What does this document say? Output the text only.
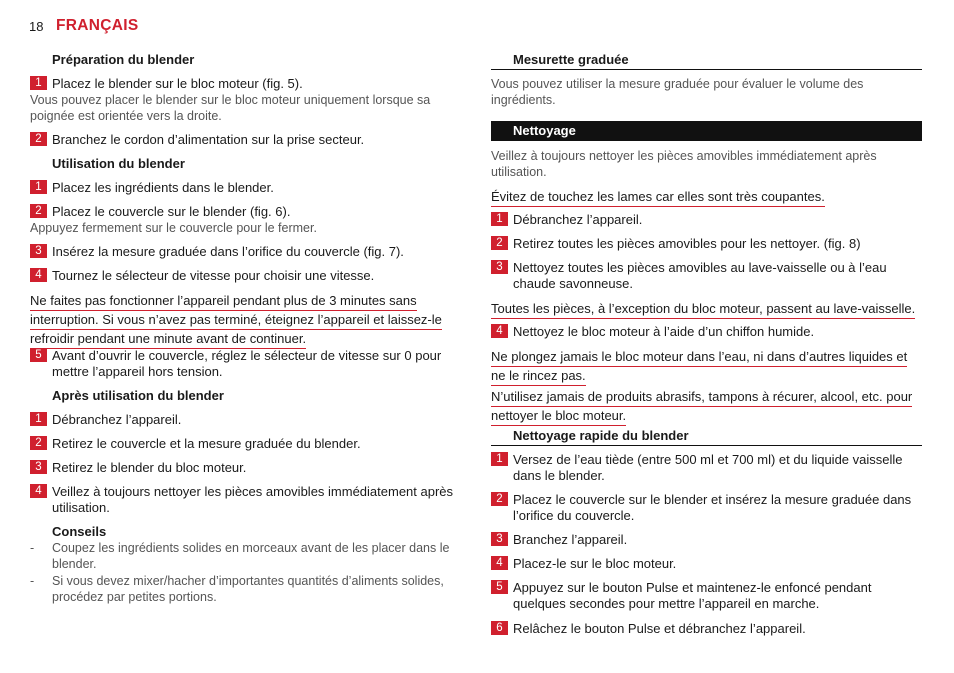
18 FRANÇAIS
Préparation du blender
1 Placez le blender sur le bloc moteur (fig. 5).
Vous pouvez placer le blender sur le bloc moteur uniquement lorsque sa poignée est orientée vers la droite.
2 Branchez le cordon d’alimentation sur la prise secteur.
Utilisation du blender
1 Placez les ingrédients dans le blender.
2 Placez le couvercle sur le blender (fig. 6).
Appuyez fermement sur le couvercle pour le fermer.
3 Insérez la mesure graduée dans l’orifice du couvercle (fig. 7).
4 Tournez le sélecteur de vitesse pour choisir une vitesse.
Ne faites pas fonctionner l’appareil pendant plus de 3 minutes sans
interruption. Si vous n’avez pas terminé, éteignez l’appareil et laissez-le
refroidir pendant une minute avant de continuer.
5 Avant d’ouvrir le couvercle, réglez le sélecteur de vitesse sur 0 pour mettre l’appareil hors tension.
Après utilisation du blender
1 Débranchez l’appareil.
2 Retirez le couvercle et la mesure graduée du blender.
3 Retirez le blender du bloc moteur.
4 Veillez à toujours nettoyer les pièces amovibles immédiatement après utilisation.
Conseils
- Coupez les ingrédients solides en morceaux avant de les placer dans le blender.
- Si vous devez mixer/hacher d’importantes quantités d’aliments solides, procédez par petites portions.
Mesurette graduée
Vous pouvez utiliser la mesure graduée pour évaluer le volume des ingrédients.
Nettoyage
Veillez à toujours nettoyer les pièces amovibles immédiatement après utilisation.
Évitez de touchez les lames car elles sont très coupantes.
1 Débranchez l’appareil.
2 Retirez toutes les pièces amovibles pour les nettoyer. (fig. 8)
3 Nettoyez toutes les pièces amovibles au lave-vaisselle ou à l’eau chaude savonneuse.
Toutes les pièces, à l’exception du bloc moteur, passent au lave-vaisselle.
4 Nettoyez le bloc moteur à l’aide d’un chiffon humide.
Ne plongez jamais le bloc moteur dans l’eau, ni dans d’autres liquides et
ne le rincez pas.
N’utilisez jamais de produits abrasifs, tampons à récurer, alcool, etc. pour
nettoyer le bloc moteur.
Nettoyage rapide du blender
1 Versez de l’eau tiède (entre 500 ml et 700 ml) et du liquide vaisselle dans le blender.
2 Placez le couvercle sur le blender et insérez la mesure graduée dans l’orifice du couvercle.
3 Branchez l’appareil.
4 Placez-le sur le bloc moteur.
5 Appuyez sur le bouton Pulse et maintenez-le enfoncé pendant quelques secondes pour mettre l’appareil en marche.
6 Relâchez le bouton Pulse et débranchez l’appareil.
